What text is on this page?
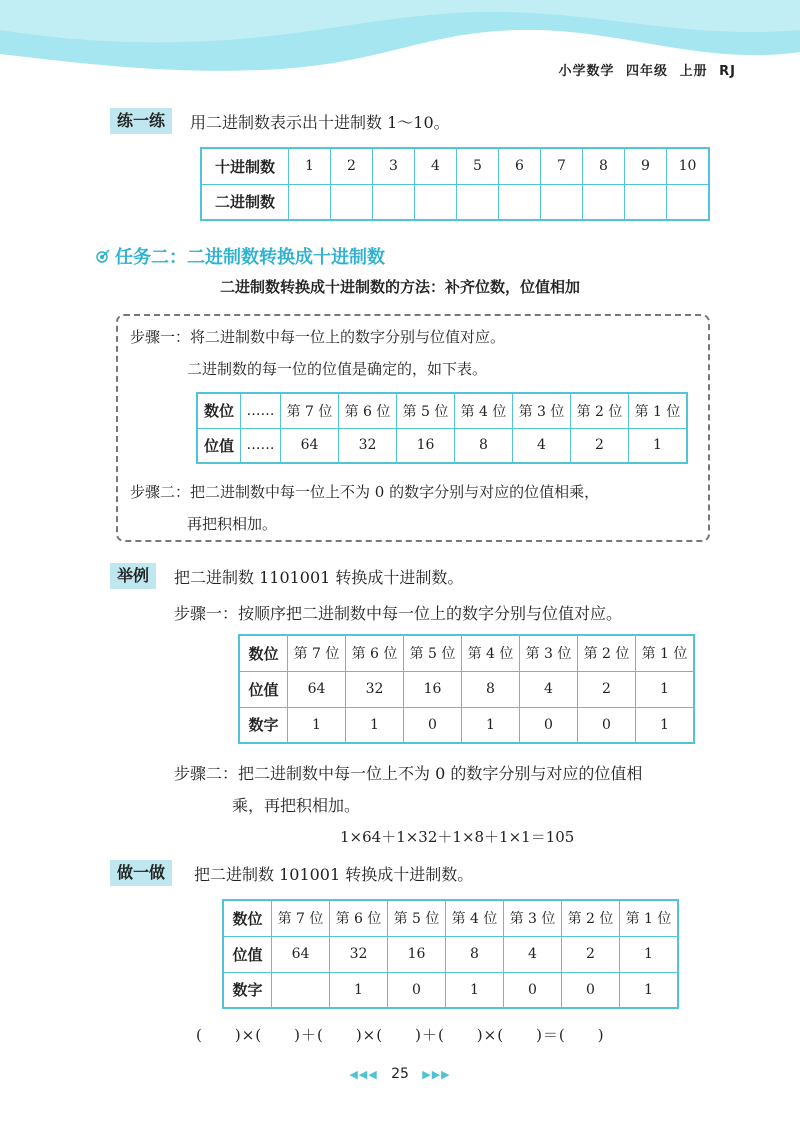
小学数学 四年级 上册 RJ
练一练	用二进制数表示出十进制数 1～10。
十进制数	1	2	3	4	5	6	7	8	9	10
二进制数										
任务二：二进制数转换成十进制数
二进制数转换成十进制数的方法：补齐位数，位值相加
步骤一：将二进制数中每一位上的数字分别与位值对应。
二进制数的每一位的位值是确定的，如下表。
数位	……	第 7 位	第 6 位	第 5 位	第 4 位	第 3 位	第 2 位	第 1 位
位值	……	64	32	16	8	4	2	1
步骤二：把二进制数中每一位上不为 0 的数字分别与对应的位值相乘，
再把积相加。
举例	把二进制数 1101001 转换成十进制数。
步骤一：按顺序把二进制数中每一位上的数字分别与位值对应。
数位	第 7 位	第 6 位	第 5 位	第 4 位	第 3 位	第 2 位	第 1 位
位值	64	32	16	8	4	2	1
数字	1	1	0	1	0	0	1
步骤二：把二进制数中每一位上不为 0 的数字分别与对应的位值相
乘，再把积相加。
1×64＋1×32＋1×8＋1×1＝105
做一做	把二进制数 101001 转换成十进制数。
数位	第 7 位	第 6 位	第 5 位	第 4 位	第 3 位	第 2 位	第 1 位
位值	64	32	16	8	4	2	1
数字		1	0	1	0	0	1
(　　)×(　　)＋(　　)×(　　)＋(　　)×(　　)＝(　　)
◀◀◀ 25 ▶▶▶
